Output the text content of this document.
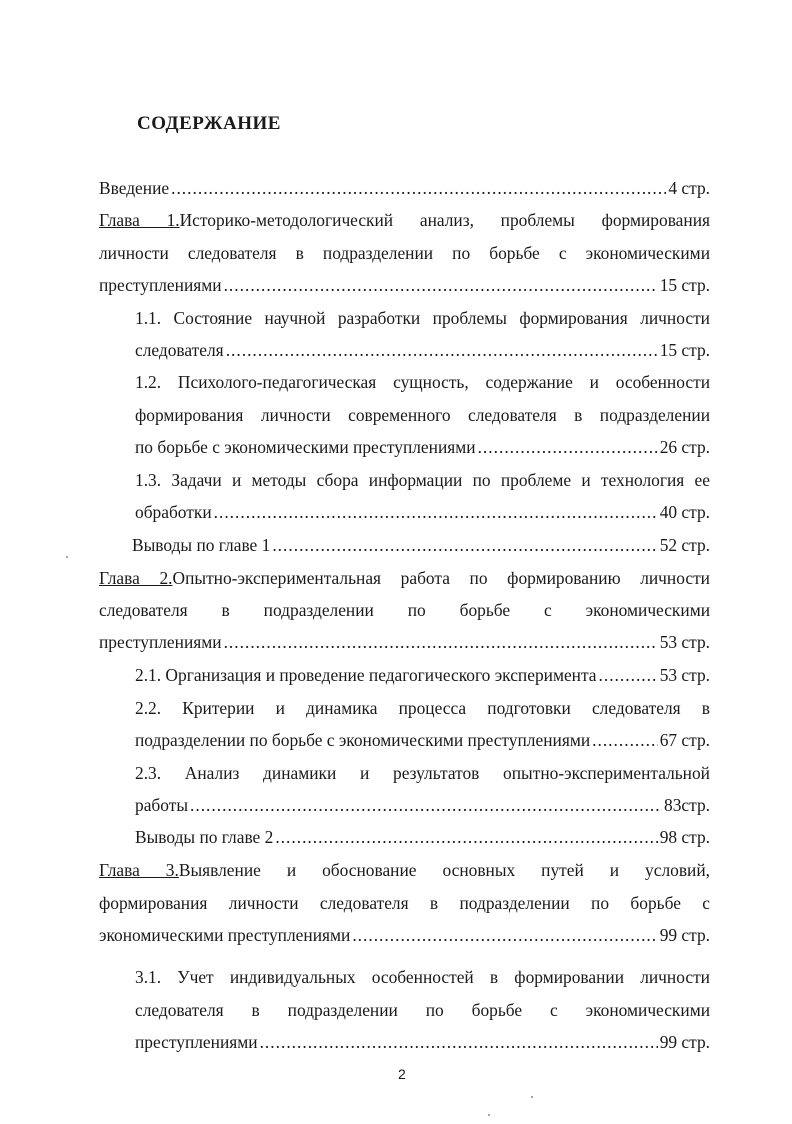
СОДЕРЖАНИЕ
Введение .....	4 стр.
Глава 1.Историко-методологический анализ, проблемы формирования
личности следователя в подразделении по борьбе с экономическими
преступлениями .....	15 стр.
1.1. Состояние научной разработки проблемы формирования личности
следователя .....	15 стр.
1.2. Психолого-педагогическая сущность, содержание и особенности
формирования личности современного следователя в подразделении
по борьбе с экономическими преступлениями .....	26 стр.
1.3. Задачи и методы сбора информации по проблеме и технология ее
обработки .....	40 стр.
Выводы по главе 1 .....	52 стр.
Глава 2.Опытно-экспериментальная работа по формированию личности
следователя в подразделении по борьбе с экономическими
преступлениями .....	53 стр.
2.1. Организация и проведение педагогического эксперимента .....	53 стр.
2.2. Критерии и динамика процесса подготовки следователя в
подразделении по борьбе с экономическими преступлениями .....	67 стр.
2.3. Анализ динамики и результатов опытно-экспериментальной
работы .....	83стр.
Выводы по главе 2 .....	98 стр.
Глава 3.Выявление и обоснование основных путей и условий,
формирования личности следователя в подразделении по борьбе с
экономическими преступлениями .....	99 стр.
3.1. Учет индивидуальных особенностей в формировании личности
следователя в подразделении по борьбе с экономическими
преступлениями .....	99 стр.
2
